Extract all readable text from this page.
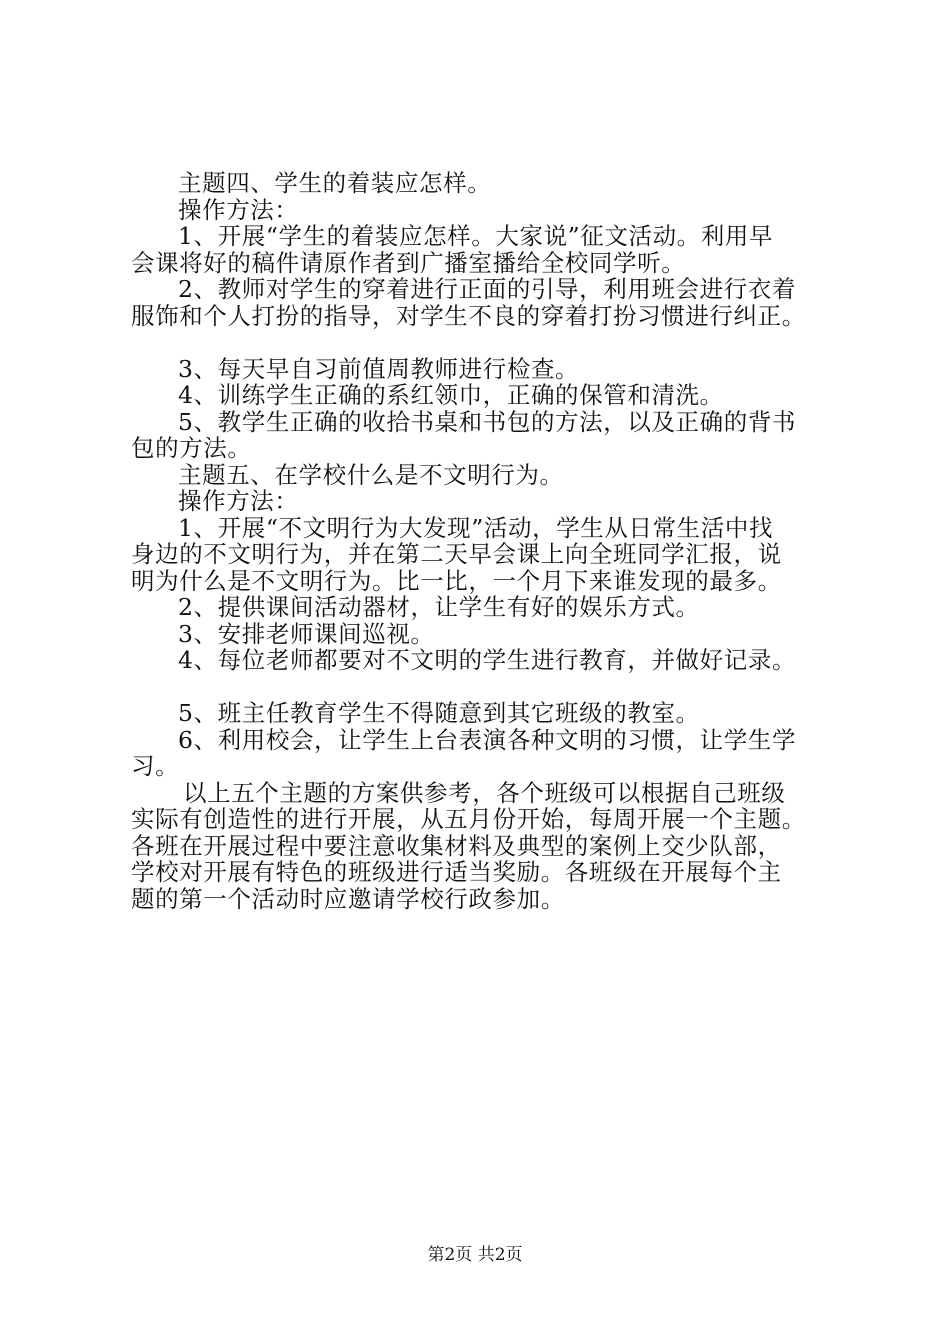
主题四、学生的着装应怎样。
操作方法：
1、开展“学生的着装应怎样。大家说”征文活动。利用早
会课将好的稿件请原作者到广播室播给全校同学听。
2、教师对学生的穿着进行正面的引导，利用班会进行衣着
服饰和个人打扮的指导，对学生不良的穿着打扮习惯进行纠正。
3、每天早自习前值周教师进行检查。
4、训练学生正确的系红领巾，正确的保管和清洗。
5、教学生正确的收拾书桌和书包的方法，以及正确的背书
包的方法。
主题五、在学校什么是不文明行为。
操作方法：
1、开展“不文明行为大发现”活动，学生从日常生活中找
身边的不文明行为，并在第二天早会课上向全班同学汇报，说
明为什么是不文明行为。比一比，一个月下来谁发现的最多。
2、提供课间活动器材，让学生有好的娱乐方式。
3、安排老师课间巡视。
4、每位老师都要对不文明的学生进行教育，并做好记录。
5、班主任教育学生不得随意到其它班级的教室。
6、利用校会，让学生上台表演各种文明的习惯，让学生学
习。
以上五个主题的方案供参考，各个班级可以根据自己班级
实际有创造性的进行开展，从五月份开始，每周开展一个主题。
各班在开展过程中要注意收集材料及典型的案例上交少队部，
学校对开展有特色的班级进行适当奖励。各班级在开展每个主
题的第一个活动时应邀请学校行政参加。
第2页 共2页
